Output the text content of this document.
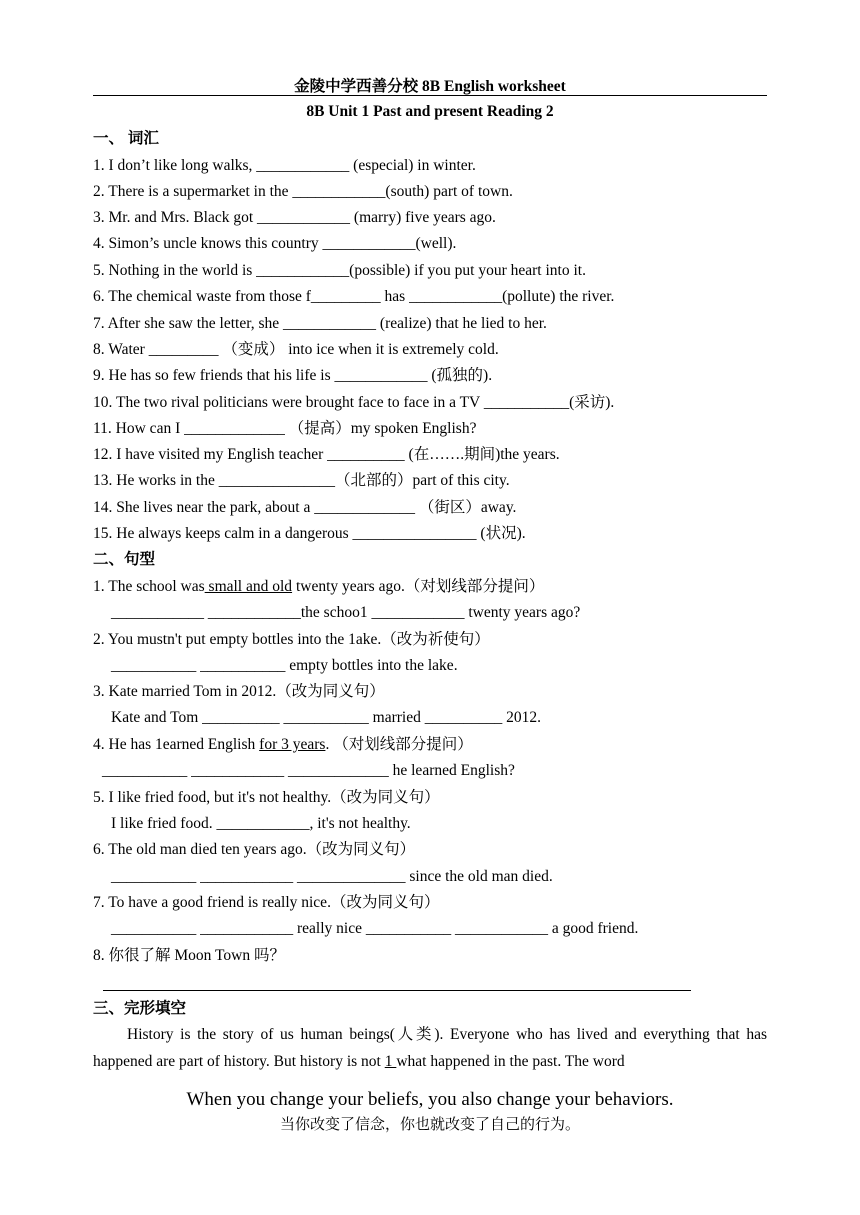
金陵中学西善分校 8B English worksheet
8B Unit 1 Past and present Reading 2
一、 词汇
1. I don’t like long walks, ____________ (especial) in winter.
2. There is a supermarket in the ____________(south) part of town.
3. Mr. and Mrs. Black got ____________ (marry) five years ago.
4. Simon’s uncle knows this country ____________(well).
5. Nothing in the world is ____________(possible) if you put your heart into it.
6. The chemical waste from those f_________ has ____________(pollute) the river.
7. After she saw the letter, she ____________ (realize) that he lied to her.
8. Water _________ （变成） into ice when it is extremely cold.
9. He has so few friends that his life is ____________ (孤独的).
10. The two rival politicians were brought face to face in a TV ___________(采访).
11. How can I _____________ （提高）my spoken English?
12. I have visited my English teacher __________ (在…….期间)the years.
13. He works in the _______________（北部的）part of this city.
14. She lives near the park, about a _____________ （街区）away.
15. He always keeps calm in a dangerous ________________ (状况).
二、句型
1. The school was small and old twenty years ago.（对划线部分提问）
____________ ____________the schoo1 ____________ twenty years ago?
2. You mustn't put empty bottles into the 1ake.（改为祈使句）
___________ ___________ empty bottles into the lake.
3. Kate married Tom in 2012.（改为同义句）
Kate and Tom __________ ___________ married __________ 2012.
4. He has 1earned English for 3 years. （对划线部分提问）
___________ ____________ _____________ he learned English?
5. I like fried food, but it's not healthy.（改为同义句）
I like fried food. ____________, it's not healthy.
6. The old man died ten years ago.（改为同义句）
___________ ____________ ______________ since the old man died.
7. To have a good friend is really nice.（改为同义句）
___________ ____________ really nice ___________ ____________ a good friend.
8. 你很了解 Moon Town 吗？
三、完形填空
History is the story of us human beings(人类). Everyone who has lived and everything that has happened are part of history. But history is not 1 what happened in the past. The word
When you change your beliefs, you also change your behaviors.
当你改变了信念，你也就改变了自己的行为。
